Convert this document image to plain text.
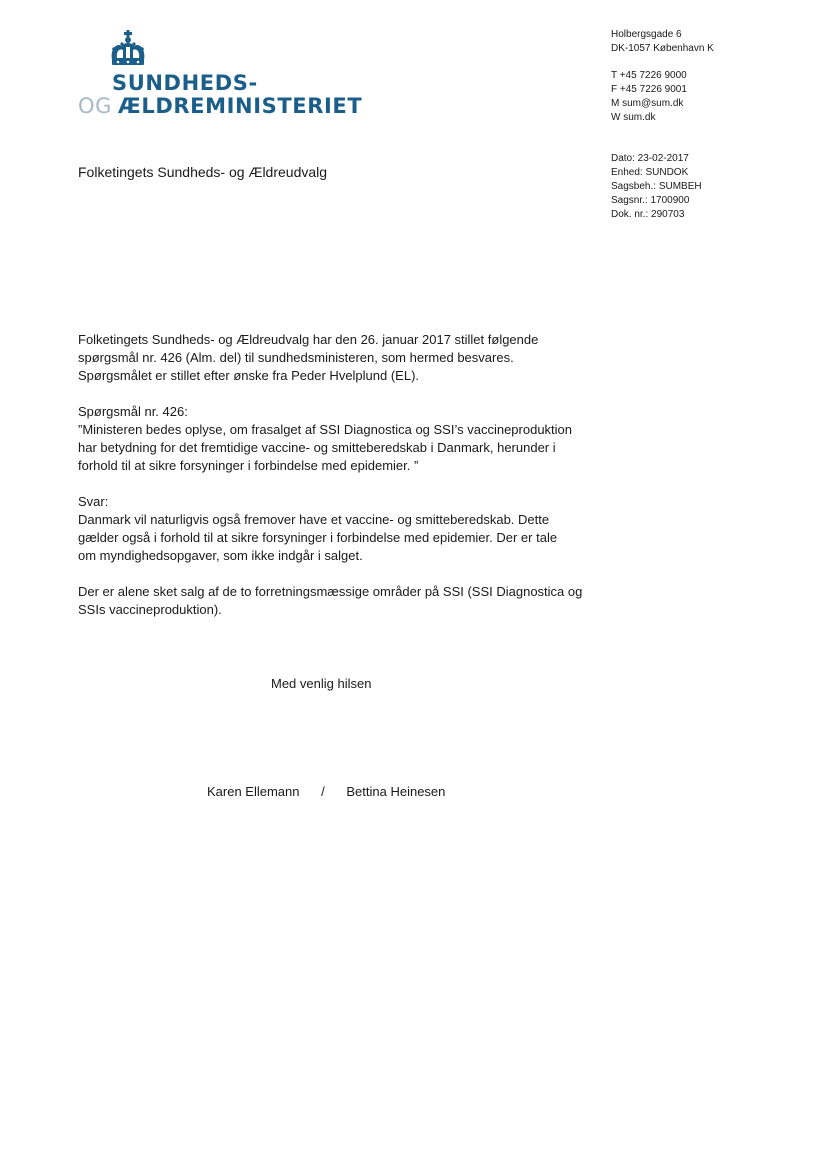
SUNDHEDS-
OG ÆLDREMINISTERIET
Holbergsgade 6
DK-1057 København K
T +45 7226 9000
F +45 7226 9001
M sum@sum.dk
W sum.dk
Dato: 23-02-2017
Enhed: SUNDOK
Sagsbeh.: SUMBEH
Sagsnr.: 1700900
Dok. nr.: 290703
Folketingets Sundheds- og Ældreudvalg

Folketingets Sundheds- og Ældreudvalg har den 26. januar 2017 stillet følgende
spørgsmål nr. 426 (Alm. del) til sundhedsministeren, som hermed besvares.
Spørgsmålet er stillet efter ønske fra Peder Hvelplund (EL).

Spørgsmål nr. 426:
”Ministeren bedes oplyse, om frasalget af SSI Diagnostica og SSI’s vaccineproduktion
har betydning for det fremtidige vaccine- og smitteberedskab i Danmark, herunder i
forhold til at sikre forsyninger i forbindelse med epidemier. ”

Svar:
Danmark vil naturligvis også fremover have et vaccine- og smitteberedskab. Dette
gælder også i forhold til at sikre forsyninger i forbindelse med epidemier. Der er tale
om myndighedsopgaver, som ikke indgår i salget.

Der er alene sket salg af de to forretningsmæssige områder på SSI (SSI Diagnostica og
SSIs vaccineproduktion).

Med venlig hilsen
Karen Ellemann / Bettina Heinesen
